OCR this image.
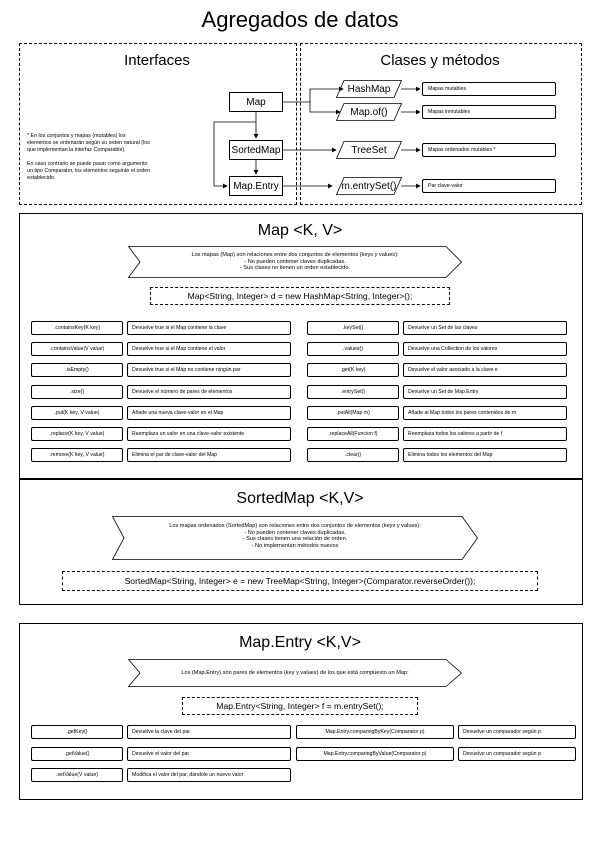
Agregados de datos
Interfaces
* En los conjuntos y mapas (mutables) los
elementos se ordenarán según su orden natural (los
que implementan la interfaz Comparable).

En caso contrario se puede pasar como argumento
un tipo Comparator, los elementos seguirán el orden
establecido.
Map
SortedMap
Map.Entry
Clases y métodos
HashMap	Mapas mutables
Map.of()	Mapas inmutables
TreeSet	Mapas ordenados mutables *
m.entrySet()	Par clave-valor
Map <K, V>
Los mapas (Map) son relaciones entre dos conjuntos de elementos (keys y values):
- No pueden contener claves duplicadas.
- Sus clases no tienen un orden establecido.
Map<String, Integer> d = new HashMap<String, Integer>();
.containsKey(K key)	Devuelve true si el Map contiene la clave
.containsValue(V value)	Devuelve true si el Map contiene el valor
.isEmpty()	Devuelve true si el Map no contiene ningún par
.size()	Devuelve el número de pares de elementos
.put(K key, V value)	Añade una nueva clave-valor en el Map
.replace(K key, V value)	Reemplaza un valor en una clave-valor existente
.remove(K key, V value)	Elimina el par de clave-valor del Map
.keySet()	Devuelve un Set de las claves
.values()	Devuelve una Collection de los valores
.get(K key)	Devuelve el valor asociado a la clave e
.entrySet()	Devuelve un Set de Map.Entry
.putAll(Map m)	Añade al Map todos los pares contenidos de m
.replaceAll(Funcion f)	Reemplaza todos los valores a partir de f
.clear()	Elimina todos los elementos del Map
SortedMap <K,V>
Los mapas ordenados (SortedMap) son relaciones entre dos conjuntos de elementos (keys y values):
- No pueden contener claves duplicadas.
- Sus clases tienen una relación de orden.
- No implementan métodos nuevos
SortedMap<String, Integer> e = new TreeMap<String, Integer>(Comparator.reverseOrder());
Map.Entry <K,V>
Los (Map.Entry) son pares de elementos (key y values) de los que está compuesto un Map:
Map.Entry<String, Integer> f = m.entrySet();
.getKey()	Devuelve la clave del par
.getValue()	Devuelve el valor del par
.setValue(V value)	Modifica el valor del par, dándole un nuevo valor
Map.Entry.comparingByKey(Comparator p)	Devuelve un comparador según p
Map.Entry.comparingByValue(Comparator p)	Devuelve un comparador según p
